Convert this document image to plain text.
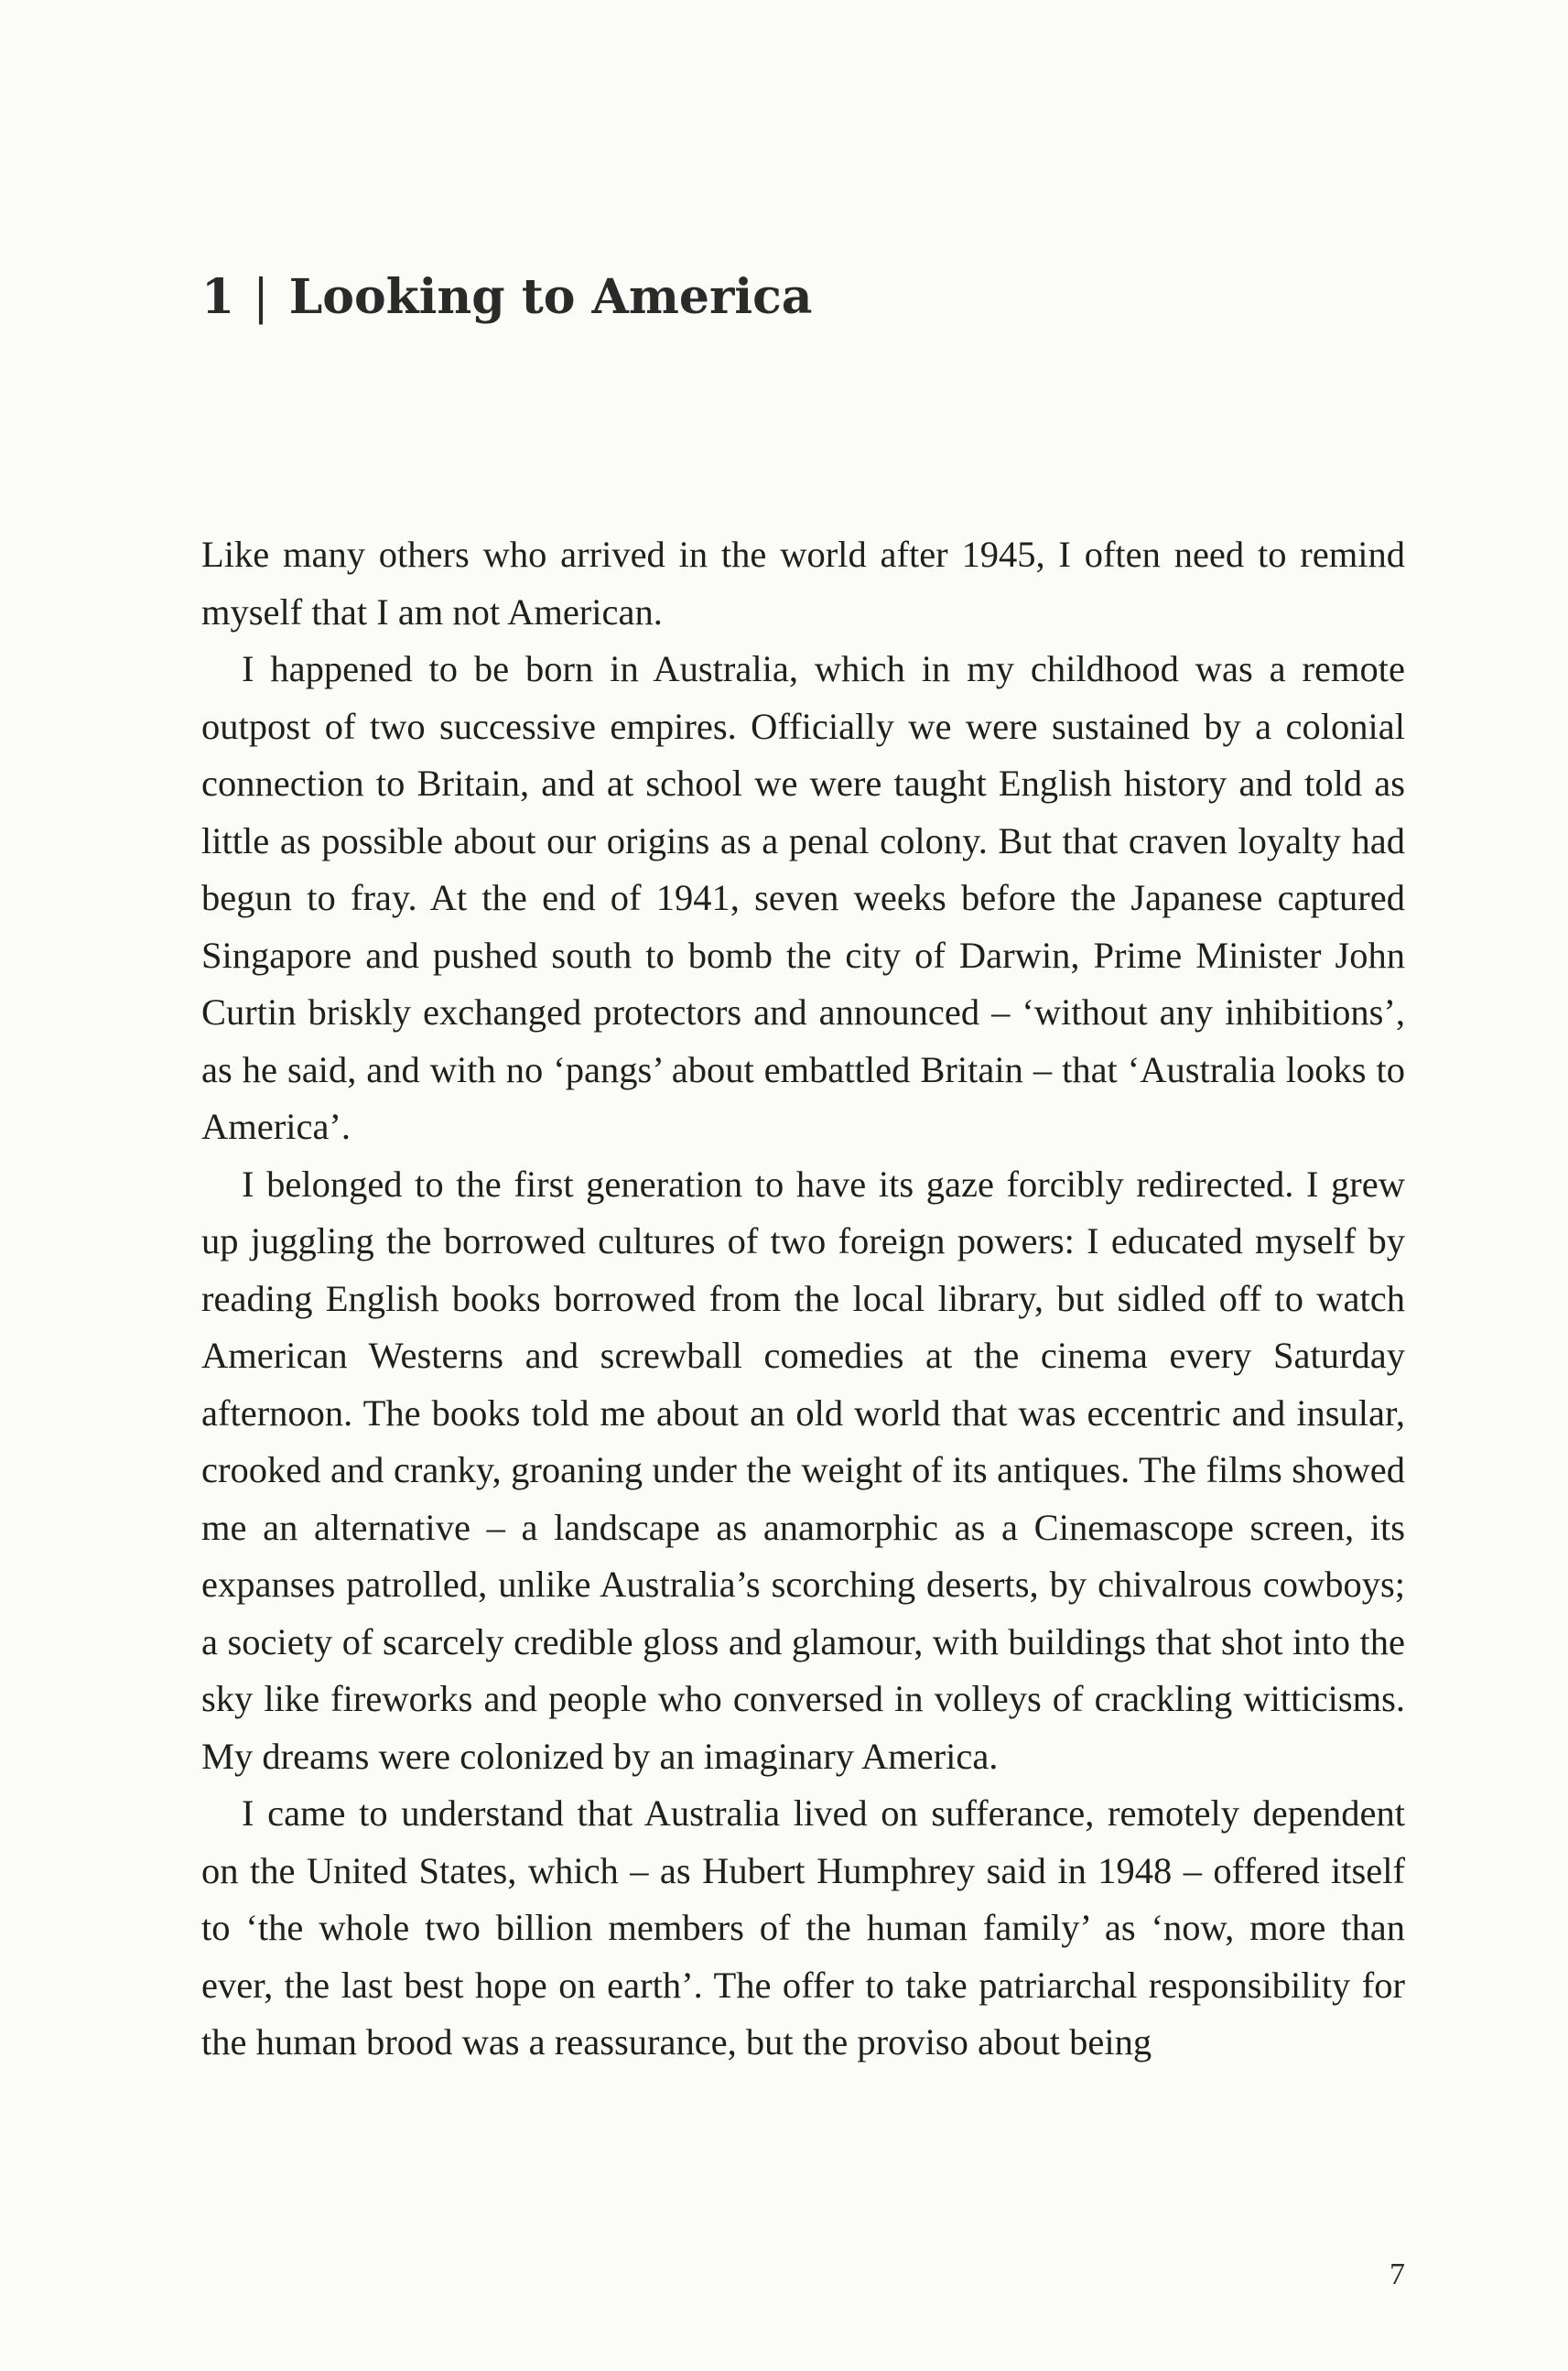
1 | Looking to America

Like many others who arrived in the world after 1945, I often need to remind myself that I am not American.

I happened to be born in Australia, which in my childhood was a remote outpost of two successive empires. Officially we were sustained by a colonial connection to Britain, and at school we were taught English history and told as little as possible about our origins as a penal colony. But that craven loyalty had begun to fray. At the end of 1941, seven weeks before the Japanese captured Singapore and pushed south to bomb the city of Darwin, Prime Minister John Curtin briskly exchanged protectors and announced – ‘without any inhibitions’, as he said, and with no ‘pangs’ about embattled Britain – that ‘Australia looks to America’.

I belonged to the first generation to have its gaze forcibly redirected. I grew up juggling the borrowed cultures of two foreign powers: I educated myself by reading English books borrowed from the local library, but sidled off to watch American Westerns and screwball comedies at the cinema every Saturday afternoon. The books told me about an old world that was eccentric and insular, crooked and cranky, groaning under the weight of its antiques. The films showed me an alternative – a landscape as anamorphic as a Cinemascope screen, its expanses patrolled, unlike Australia’s scorching deserts, by chivalrous cowboys; a society of scarcely credible gloss and glamour, with buildings that shot into the sky like fireworks and people who conversed in volleys of crackling witticisms. My dreams were colonized by an imaginary America.

I came to understand that Australia lived on sufferance, remotely dependent on the United States, which – as Hubert Humphrey said in 1948 – offered itself to ‘the whole two billion members of the human family’ as ‘now, more than ever, the last best hope on earth’. The offer to take patriarchal responsibility for the human brood was a reassurance, but the proviso about being

7
